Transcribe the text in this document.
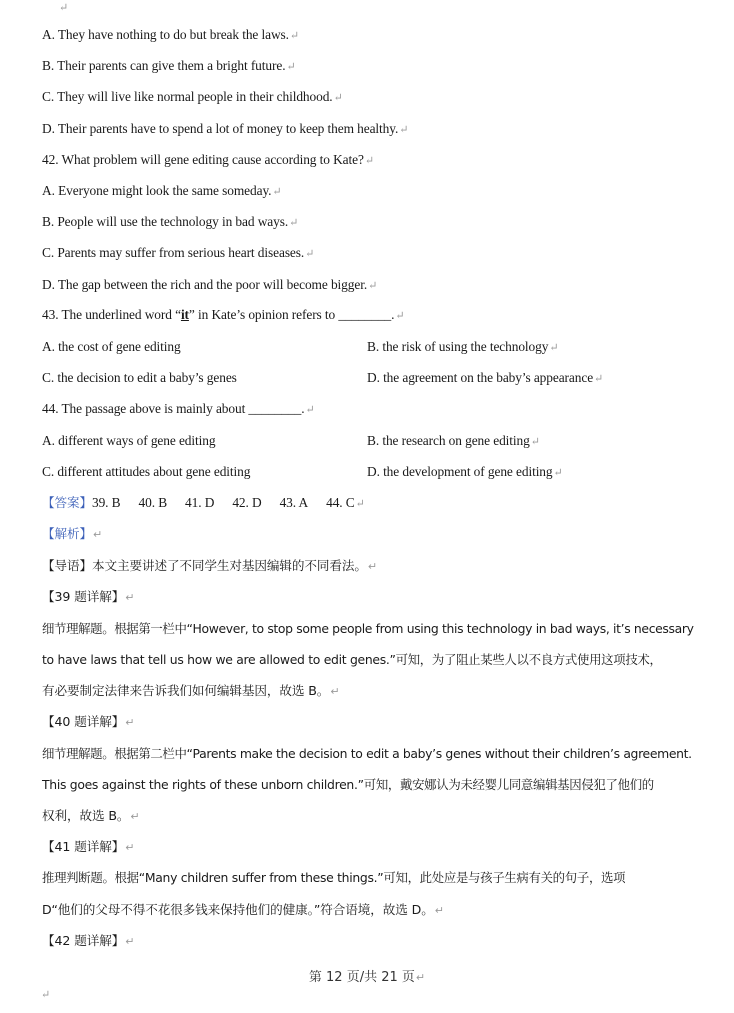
↵
A. They have nothing to do but break the laws.↵
B. Their parents can give them a bright future.↵
C. They will live like normal people in their childhood.↵
D. Their parents have to spend a lot of money to keep them healthy.↵
42. What problem will gene editing cause according to Kate?↵
A. Everyone might look the same someday.↵
B. People will use the technology in bad ways.↵
C. Parents may suffer from serious heart diseases.↵
D. The gap between the rich and the poor will become bigger.↵
43. The underlined word “it” in Kate’s opinion refers to ________.↵
A. the cost of gene editing	B. the risk of using the technology↵
C. the decision to edit a baby’s genes	D. the agreement on the baby’s appearance↵
44. The passage above is mainly about ________.↵
A. different ways of gene editing	B. the research on gene editing↵
C. different attitudes about gene editing	D. the development of gene editing↵
【答案】39. B 40. B 41. D 42. D 43. A 44. C↵
【解析】↵
【导语】本文主要讲述了不同学生对基因编辑的不同看法。↵
【39 题详解】↵
细节理解题。根据第一栏中“However, to stop some people from using this technology in bad ways, it’s necessary
to have laws that tell us how we are allowed to edit genes.”可知，为了阻止某些人以不良方式使用这项技术，
有必要制定法律来告诉我们如何编辑基因，故选 B。↵
【40 题详解】↵
细节理解题。根据第二栏中“Parents make the decision to edit a baby’s genes without their children’s agreement.
This goes against the rights of these unborn children.”可知，戴安娜认为未经婴儿同意编辑基因侵犯了他们的
权利，故选 B。↵
【41 题详解】↵
推理判断题。根据“Many children suffer from these things.”可知，此处应是与孩子生病有关的句子，选项
D“他们的父母不得不花很多钱来保持他们的健康。”符合语境，故选 D。↵
【42 题详解】↵
第 12 页/共 21 页↵
↵
